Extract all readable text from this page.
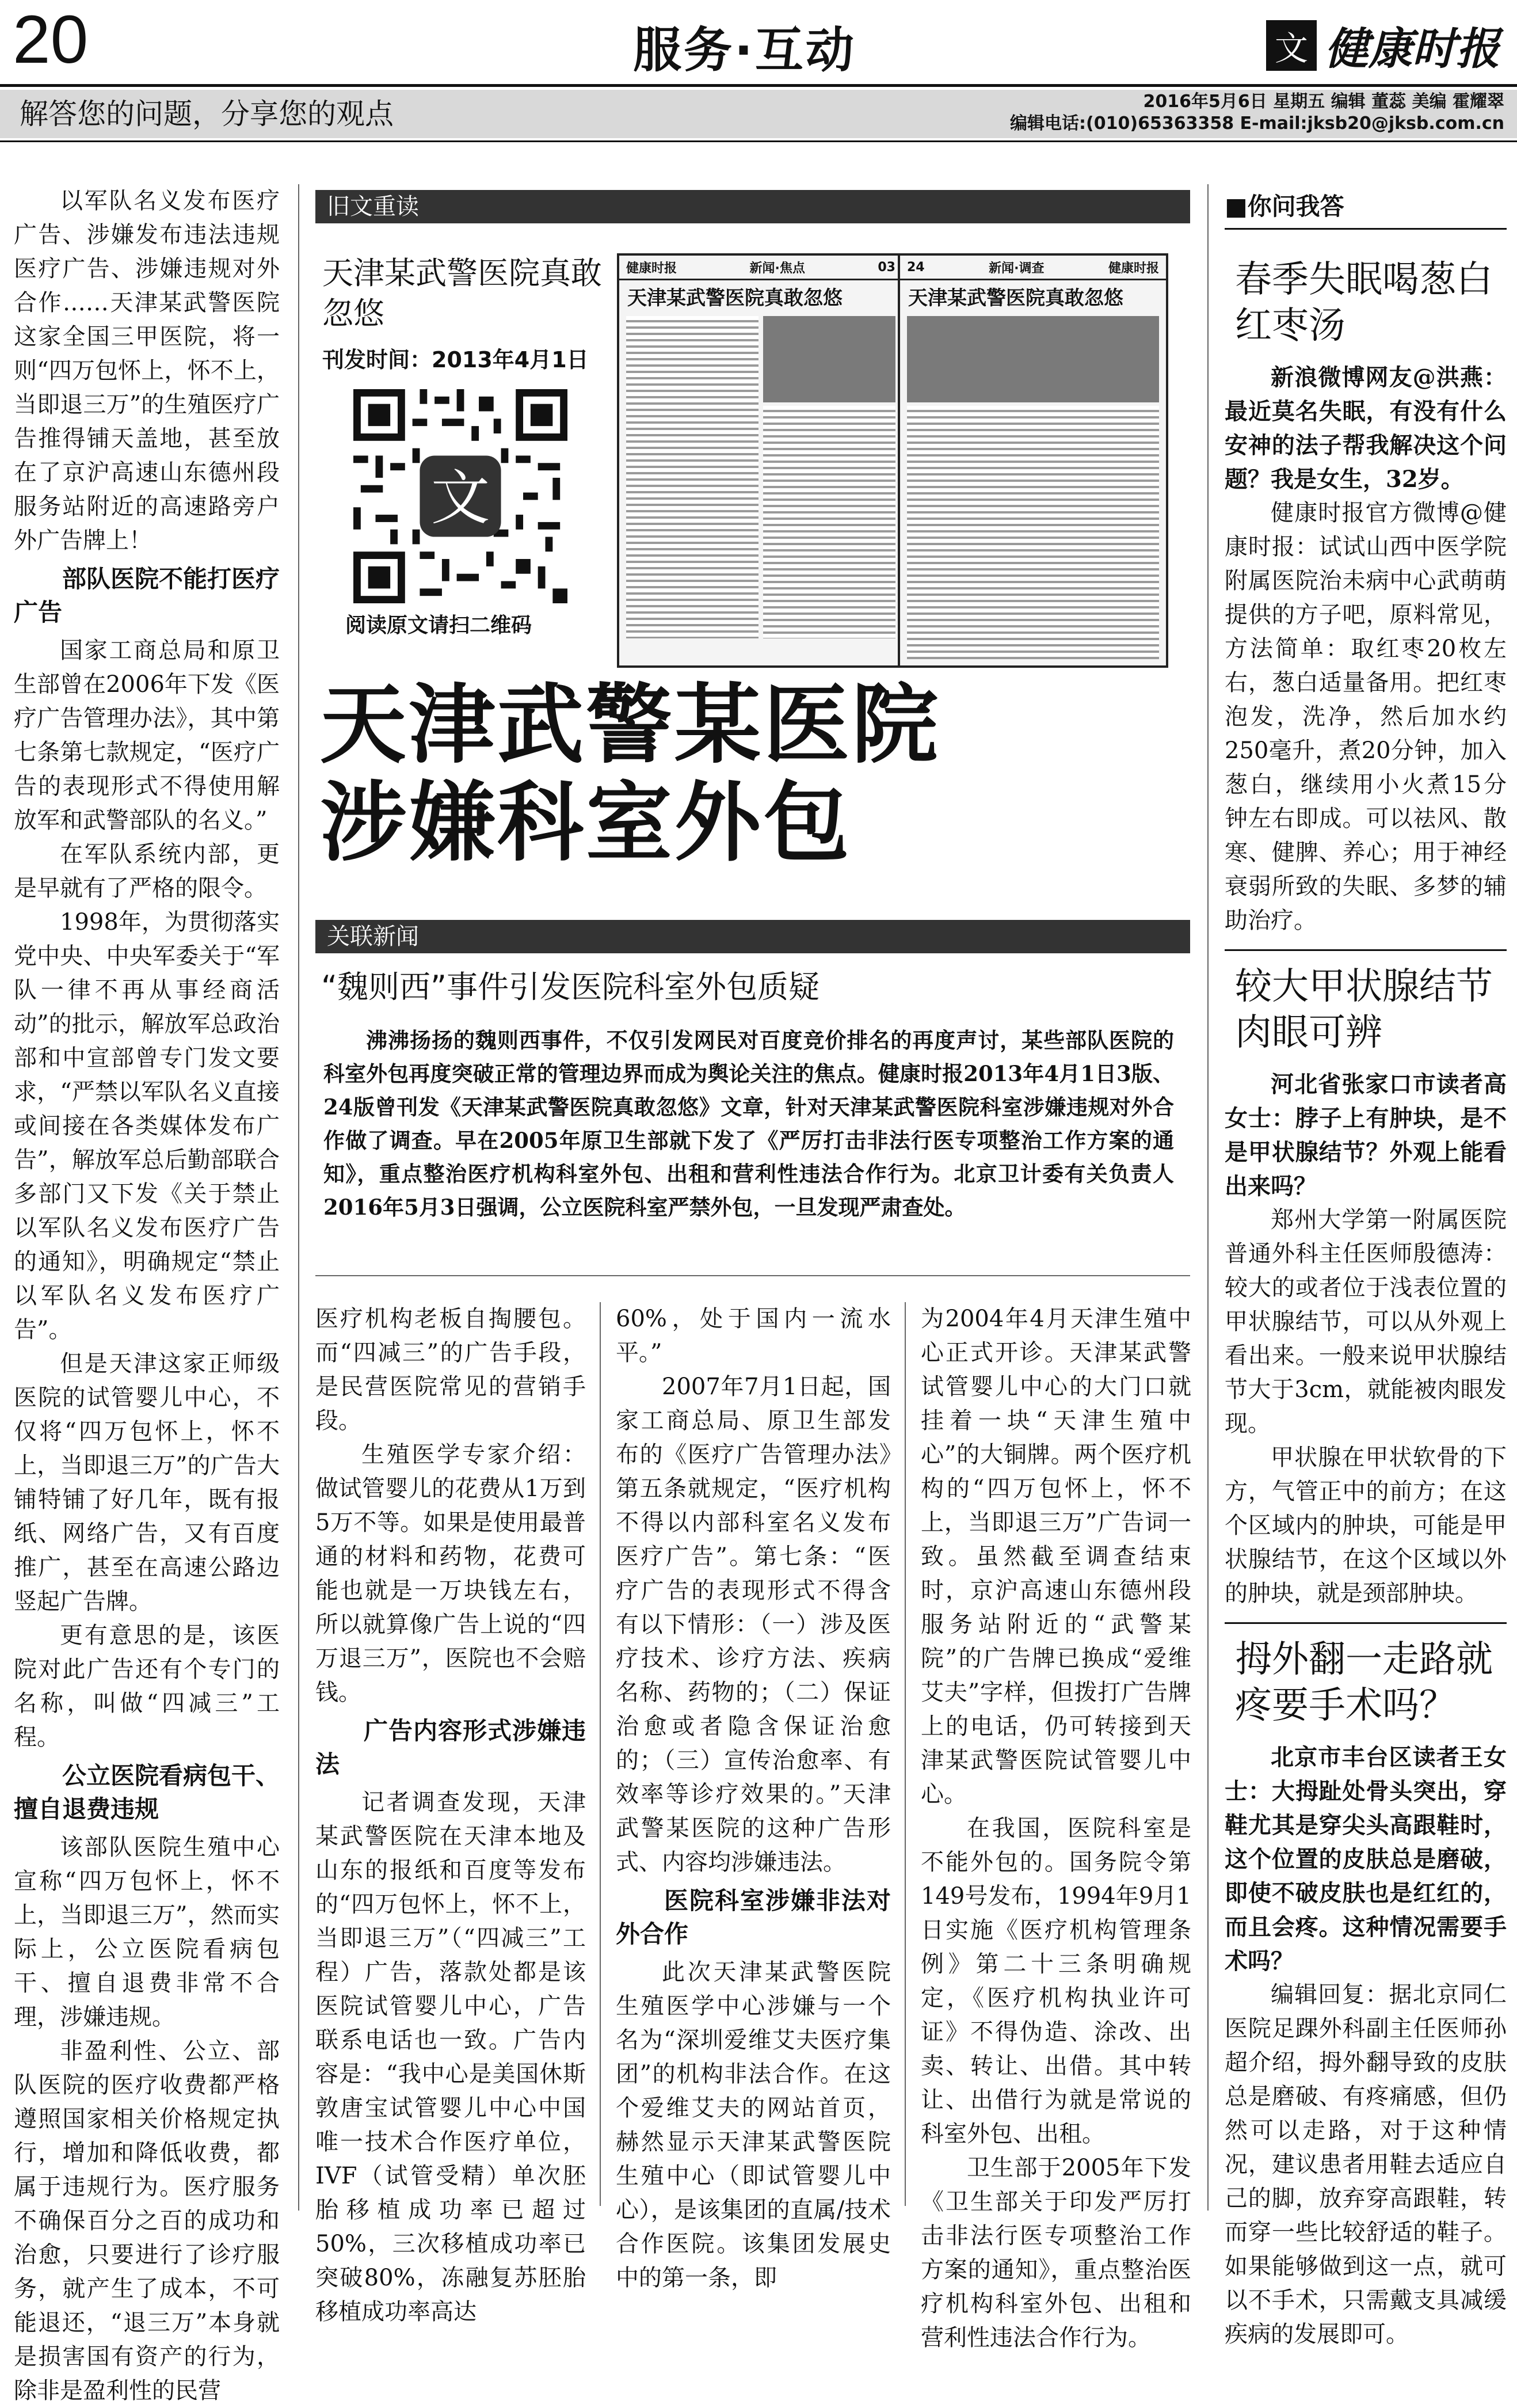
20	服务·互动	文 健康时报
解答您的问题，分享您的观点	2016年5月6日 星期五 编辑 董蕊 美编 霍耀翠
编辑电话:(010)65363358 E-mail:jksb20@jksb.com.cn

以军队名义发布医疗广告、涉嫌发布违法违规医疗广告、涉嫌违规对外合作……天津某武警医院这家全国三甲医院，将一则“四万包怀上，怀不上，当即退三万”的生殖医疗广告推得铺天盖地，甚至放在了京沪高速山东德州段服务站附近的高速路旁户外广告牌上！

部队医院不能打医疗广告

国家工商总局和原卫生部曾在2006年下发《医疗广告管理办法》，其中第七条第七款规定，“医疗广告的表现形式不得使用解放军和武警部队的名义。”

在军队系统内部，更是早就有了严格的限令。

1998年，为贯彻落实党中央、中央军委关于“军队一律不再从事经商活动”的批示，解放军总政治部和中宣部曾专门发文要求，“严禁以军队名义直接或间接在各类媒体发布广告”，解放军总后勤部联合多部门又下发《关于禁止以军队名义发布医疗广告的通知》，明确规定“禁止以军队名义发布医疗广告”。

但是天津这家正师级医院的试管婴儿中心，不仅将“四万包怀上，怀不上，当即退三万”的广告大铺特铺了好几年，既有报纸、网络广告，又有百度推广，甚至在高速公路边竖起广告牌。

更有意思的是，该医院对此广告还有个专门的名称，叫做“四减三”工程。

公立医院看病包干、擅自退费违规

该部队医院生殖中心宣称“四万包怀上，怀不上，当即退三万”，然而实际上，公立医院看病包干、擅自退费非常不合理，涉嫌违规。

非盈利性、公立、部队医院的医疗收费都严格遵照国家相关价格规定执行，增加和降低收费，都属于违规行为。医疗服务不确保百分之百的成功和治愈，只要进行了诊疗服务，就产生了成本，不可能退还，“退三万”本身就是损害国有资产的行为，除非是盈利性的民营

旧文重读
天津某武警医院真敢忽悠
刊发时间：2013年4月1日
文
阅读原文请扫二维码
健康时报	新闻·焦点	03
天津某武警医院真敢忽悠
24	新闻·调查	健康时报
天津某武警医院真敢忽悠
天津武警某医院
涉嫌科室外包
关联新闻
“魏则西”事件引发医院科室外包质疑
沸沸扬扬的魏则西事件，不仅引发网民对百度竞价排名的再度声讨，某些部队医院的科室外包再度突破正常的管理边界而成为舆论关注的焦点。健康时报2013年4月1日3版、24版曾刊发《天津某武警医院真敢忽悠》文章，针对天津某武警医院科室涉嫌违规对外合作做了调查。早在2005年原卫生部就下发了《严厉打击非法行医专项整治工作方案的通知》，重点整治医疗机构科室外包、出租和营利性违法合作行为。北京卫计委有关负责人2016年5月3日强调，公立医院科室严禁外包，一旦发现严肃查处。

医疗机构老板自掏腰包。而“四减三”的广告手段，是民营医院常见的营销手段。

生殖医学专家介绍：做试管婴儿的花费从1万到5万不等。如果是使用最普通的材料和药物，花费可能也就是一万块钱左右，所以就算像广告上说的“四万退三万”，医院也不会赔钱。

广告内容形式涉嫌违法

记者调查发现，天津某武警医院在天津本地及山东的报纸和百度等发布的“四万包怀上，怀不上，当即退三万”（“四减三”工程）广告，落款处都是该医院试管婴儿中心，广告联系电话也一致。广告内容是：“我中心是美国休斯敦唐宝试管婴儿中心中国唯一技术合作医疗单位，IVF（试管受精）单次胚胎移植成功率已超过50%，三次移植成功率已突破80%，冻融复苏胚胎移植成功率高达

60%，处于国内一流水平。”

2007年7月1日起，国家工商总局、原卫生部发布的《医疗广告管理办法》第五条就规定，“医疗机构不得以内部科室名义发布医疗广告”。第七条：“医疗广告的表现形式不得含有以下情形：（一）涉及医疗技术、诊疗方法、疾病名称、药物的；（二）保证治愈或者隐含保证治愈的；（三）宣传治愈率、有效率等诊疗效果的。”天津武警某医院的这种广告形式、内容均涉嫌违法。

医院科室涉嫌非法对外合作

此次天津某武警医院生殖医学中心涉嫌与一个名为“深圳爱维艾夫医疗集团”的机构非法合作。在这个爱维艾夫的网站首页，赫然显示天津某武警医院生殖中心（即试管婴儿中心），是该集团的直属/技术合作医院。该集团发展史中的第一条，即

为2004年4月天津生殖中心正式开诊。天津某武警试管婴儿中心的大门口就挂着一块“天津生殖中心”的大铜牌。两个医疗机构的“四万包怀上，怀不上，当即退三万”广告词一致。虽然截至调查结束时，京沪高速山东德州段服务站附近的“武警某院”的广告牌已换成“爱维艾夫”字样，但拨打广告牌上的电话，仍可转接到天津某武警医院试管婴儿中心。

在我国，医院科室是不能外包的。国务院令第149号发布，1994年9月1日实施《医疗机构管理条例》第二十三条明确规定，《医疗机构执业许可证》不得伪造、涂改、出卖、转让、出借。其中转让、出借行为就是常说的科室外包、出租。

卫生部于2005年下发《卫生部关于印发严厉打击非法行医专项整治工作方案的通知》，重点整治医疗机构科室外包、出租和营利性违法合作行为。

■你问我答
春季失眠喝葱白红枣汤

新浪微博网友@洪燕：最近莫名失眠，有没有什么安神的法子帮我解决这个问题？我是女生，32岁。

健康时报官方微博@健康时报：试试山西中医学院附属医院治未病中心武萌萌提供的方子吧，原料常见，方法简单：取红枣20枚左右，葱白适量备用。把红枣泡发，洗净，然后加水约250毫升，煮20分钟，加入葱白，继续用小火煮15分钟左右即成。可以祛风、散寒、健脾、养心；用于神经衰弱所致的失眠、多梦的辅助治疗。

较大甲状腺结节肉眼可辨

河北省张家口市读者高女士：脖子上有肿块，是不是甲状腺结节？外观上能看出来吗？

郑州大学第一附属医院普通外科主任医师殷德涛：较大的或者位于浅表位置的甲状腺结节，可以从外观上看出来。一般来说甲状腺结节大于3cm，就能被肉眼发现。

甲状腺在甲状软骨的下方，气管正中的前方；在这个区域内的肿块，可能是甲状腺结节，在这个区域以外的肿块，就是颈部肿块。

拇外翻一走路就疼要手术吗？

北京市丰台区读者王女士：大拇趾处骨头突出，穿鞋尤其是穿尖头高跟鞋时，这个位置的皮肤总是磨破，即使不破皮肤也是红红的，而且会疼。这种情况需要手术吗？

编辑回复：据北京同仁医院足踝外科副主任医师孙超介绍，拇外翻导致的皮肤总是磨破、有疼痛感，但仍然可以走路，对于这种情况，建议患者用鞋去适应自己的脚，放弃穿高跟鞋，转而穿一些比较舒适的鞋子。如果能够做到这一点，就可以不手术，只需戴支具减缓疾病的发展即可。
